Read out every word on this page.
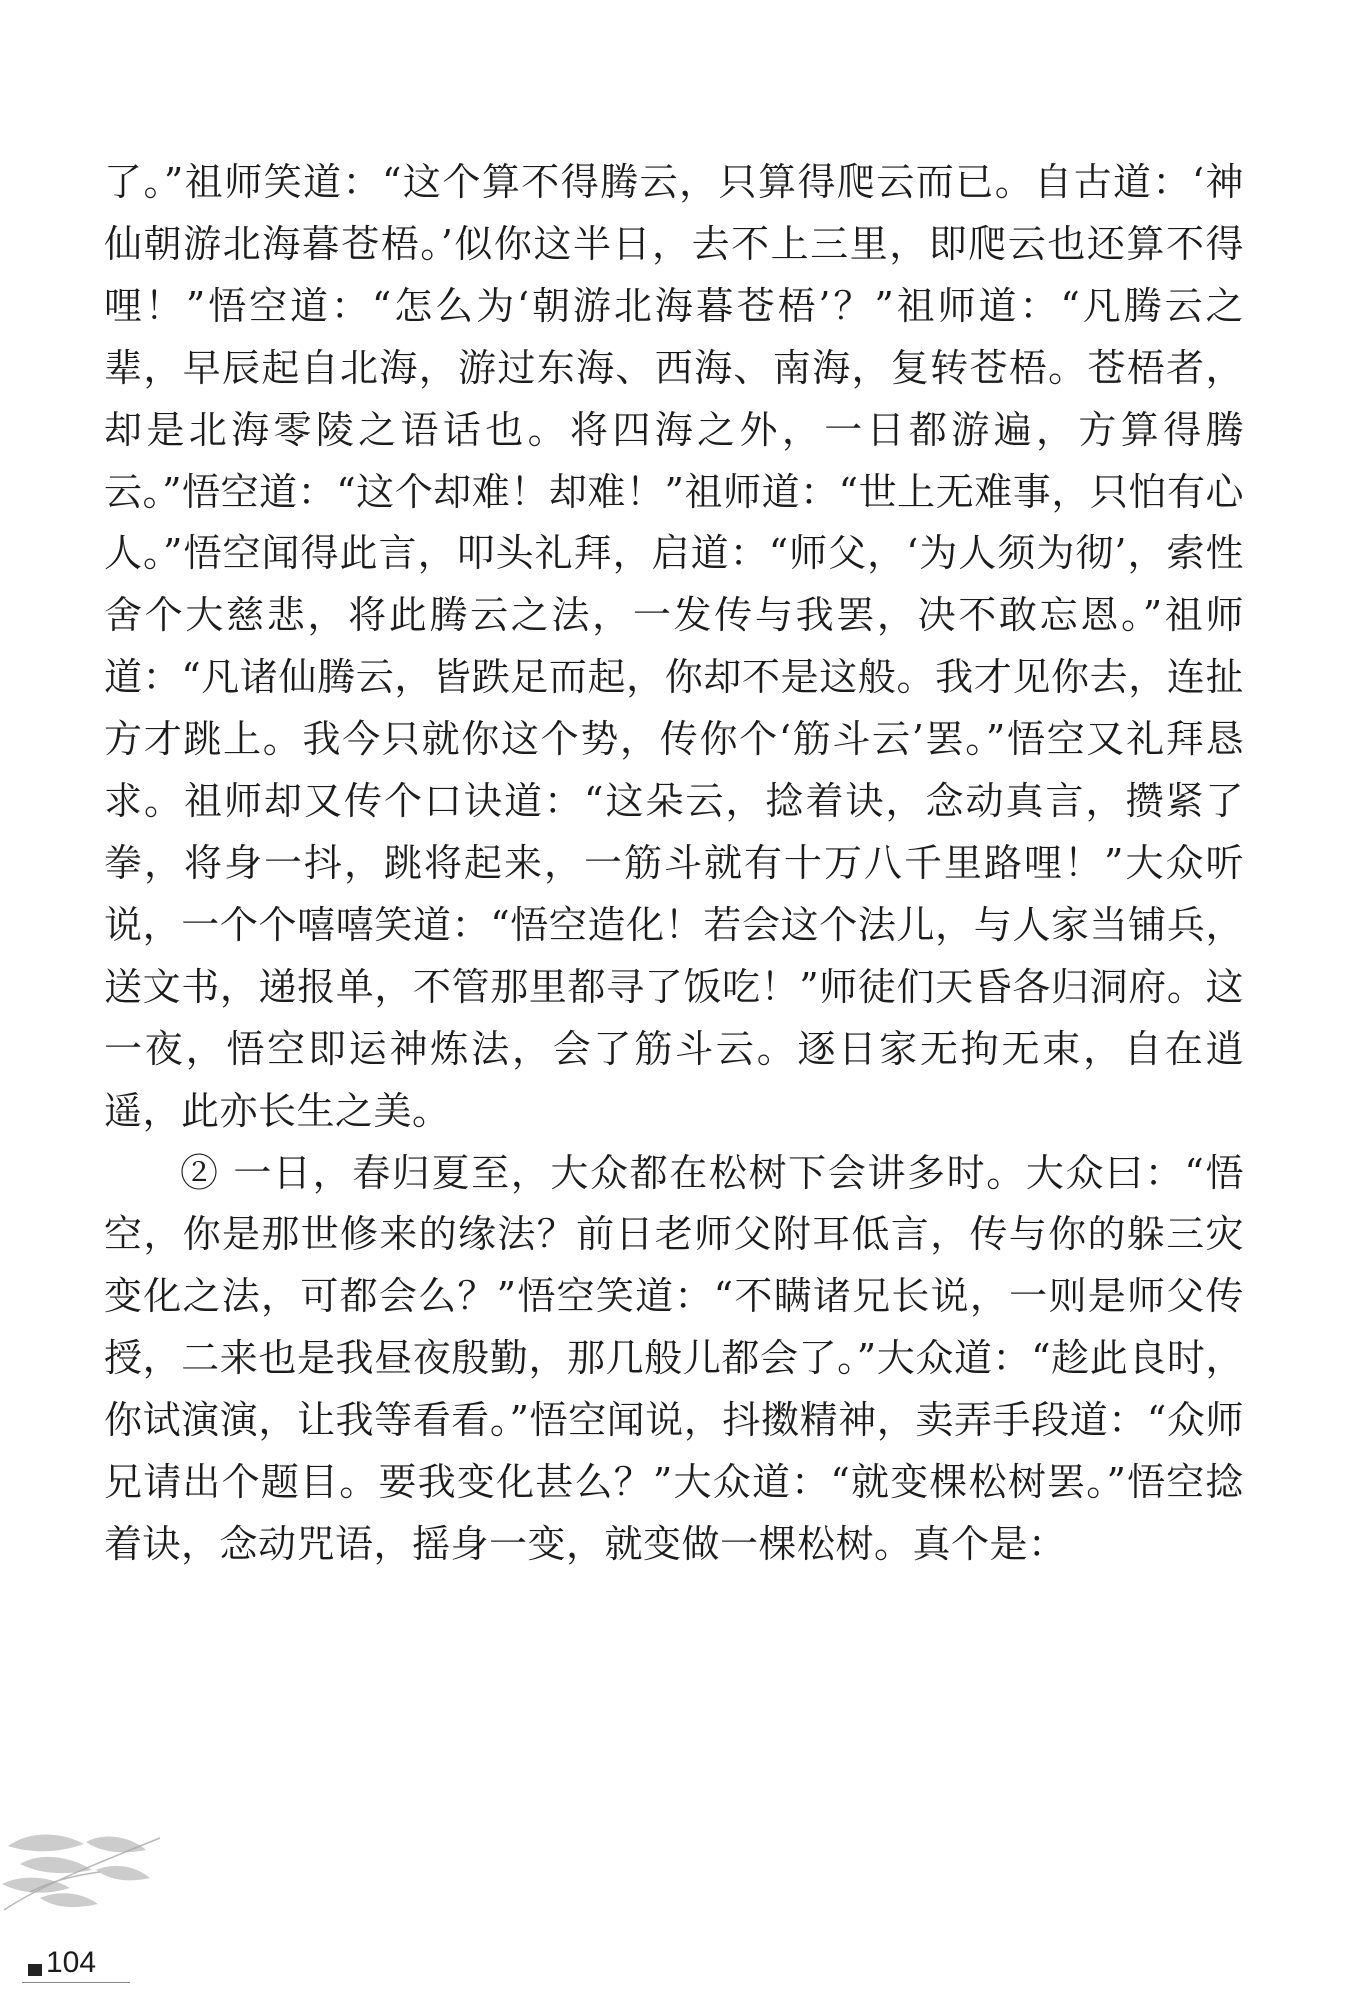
了。”祖师笑道：“这个算不得腾云，只算得爬云而已。自古道：‘神仙朝游北海暮苍梧。’似你这半日，去不上三里，即爬云也还算不得哩！”悟空道：“怎么为‘朝游北海暮苍梧’？”祖师道：“凡腾云之辈，早辰起自北海，游过东海、西海、南海，复转苍梧。苍梧者，却是北海零陵之语话也。将四海之外，一日都游遍，方算得腾云。”悟空道：“这个却难！却难！”祖师道：“世上无难事，只怕有心人。”悟空闻得此言，叩头礼拜，启道：“师父，‘为人须为彻’，索性舍个大慈悲，将此腾云之法，一发传与我罢，决不敢忘恩。”祖师道：“凡诸仙腾云，皆跌足而起，你却不是这般。我才见你去，连扯方才跳上。我今只就你这个势，传你个‘筋斗云’罢。”悟空又礼拜恳求。祖师却又传个口诀道：“这朵云，捻着诀，念动真言，攒紧了拳，将身一抖，跳将起来，一筋斗就有十万八千里路哩！”大众听说，一个个嘻嘻笑道：“悟空造化！若会这个法儿，与人家当铺兵，送文书，递报单，不管那里都寻了饭吃！”师徒们天昏各归洞府。这一夜，悟空即运神炼法，会了筋斗云。逐日家无拘无束，自在逍遥，此亦长生之美。

② 一日，春归夏至，大众都在松树下会讲多时。大众曰：“悟空，你是那世修来的缘法？前日老师父附耳低言，传与你的躲三灾变化之法，可都会么？”悟空笑道：“不瞒诸兄长说，一则是师父传授，二来也是我昼夜殷勤，那几般儿都会了。”大众道：“趁此良时，你试演演，让我等看看。”悟空闻说，抖擞精神，卖弄手段道：“众师兄请出个题目。要我变化甚么？”大众道：“就变棵松树罢。”悟空捻着诀，念动咒语，摇身一变，就变做一棵松树。真个是：

104
